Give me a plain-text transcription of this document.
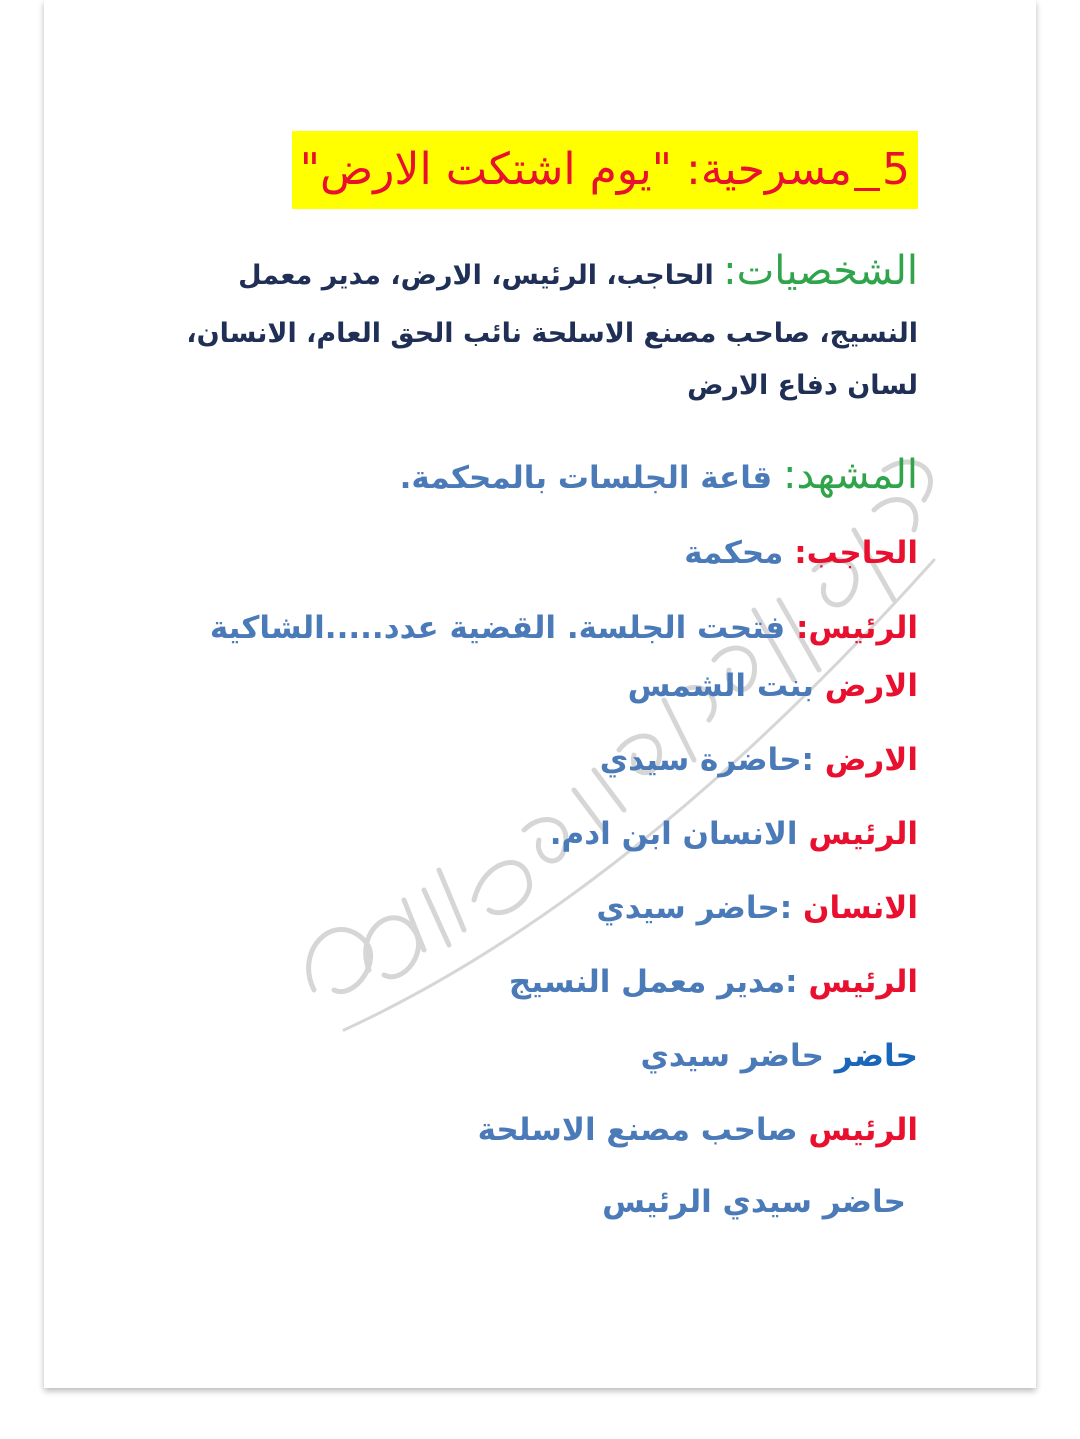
5
مسرحية: "يوم اشتكت الارض"
الشخصيات: الحاجب، الرئيس، الارض، مدير معمل
النسيج، صاحب مصنع الاسلحة نائب الحق العام، الانسان،
لسان دفاع الارض
المشهد: قاعة الجلسات بالمحكمة.
الحاجب: محكمة
الرئيس: فتحت الجلسة. القضية عدد.....الشاكية
الارض بنت الشمس
الارض :حاضرة سيدي
الرئيس الانسان ابن ادم.
الانسان :حاضر سيدي
الرئيس :مدير معمل النسيج
حاضر حاضر سيدي
الرئيس صاحب مصنع الاسلحة
حاضر سيدي الرئيس
